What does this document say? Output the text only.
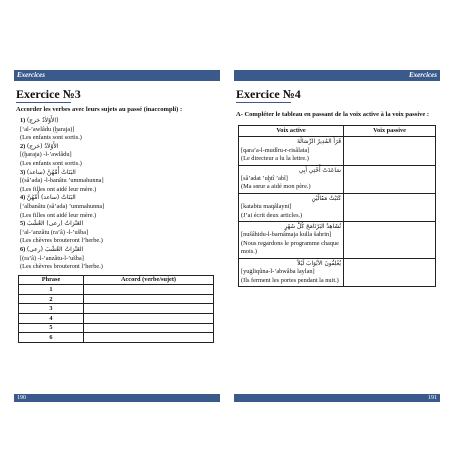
Exercices
Exercice №3
Accorder les verbes avec leurs sujets au passé (inaccompli) :
1) (الأَوْلاَدُ خرج)
[‘al-’awlâdu (ḫaraja)]
(Les enfants sont sortis.)
2) (خرج) الأَوْلاَدُ
[(ḫaraja) -l-’awlâdu]
(Les enfants sont sortis.)
3) (ساعد) البَنَاتُ أُمَّهُنَّ
[(sâ’ada) -l-banâtu ’ummahunna]
(Les filles ont aidé leur mère.)
4) البَنَاتُ (ساعد) أُمَّهُنَّ
[‘albanâtu (sâ’ada) ’ummahunna]
(Les filles ont aidé leur mère.)
5) العَنْزاتُ (رعى) العُشْبَ
[‘al-’anzâtu (ra’â) -l-’ušba]
(Les chèvres brouteront l’herbe.)
6) (رعى) العَنْزاتُ العُشْبَ
[(ra’â) -l-’anzâtu-l-’ušba]
(Les chèvres brouteront l’herbe.)
Phrase	Accord (verbe/sujet)
1	
2	
3	
4	
5	
6	
190
Exercices
Exercice №4
A- Compléter le tableau en passant de la voix active à la voix passive :
Voix active	Voix passive

قَرَأَ المُدِيرُ الرِّسَالَةَ
[qara’a-l-mudîru-r-risâlata]
(Le directeur a lu la lettre.)	

سَاعَدَتْ أُخْتِي أَبِي
[sâ’adat ’uḫtî ’abî]
(Ma sœur a aidé mon père.)	

كَتَبْتُ مَقَالَيْنِ
[katabtu maqâlayni]
(J’ai écrit deux articles.)	

نُشَاهِدُ البَرْنَامَجَ كُلَّ شَهْرٍ
[nušâhidu-l-barnâmaja kulla šahrin]
(Nous regardons le programme chaque mois.)	

يُغْلِقُونَ الأَبْوَابَ لَيْلاً
[yuġliqûna-l-’abwâba laylan]
(Ils ferment les portes pendant la nuit.)	

191
